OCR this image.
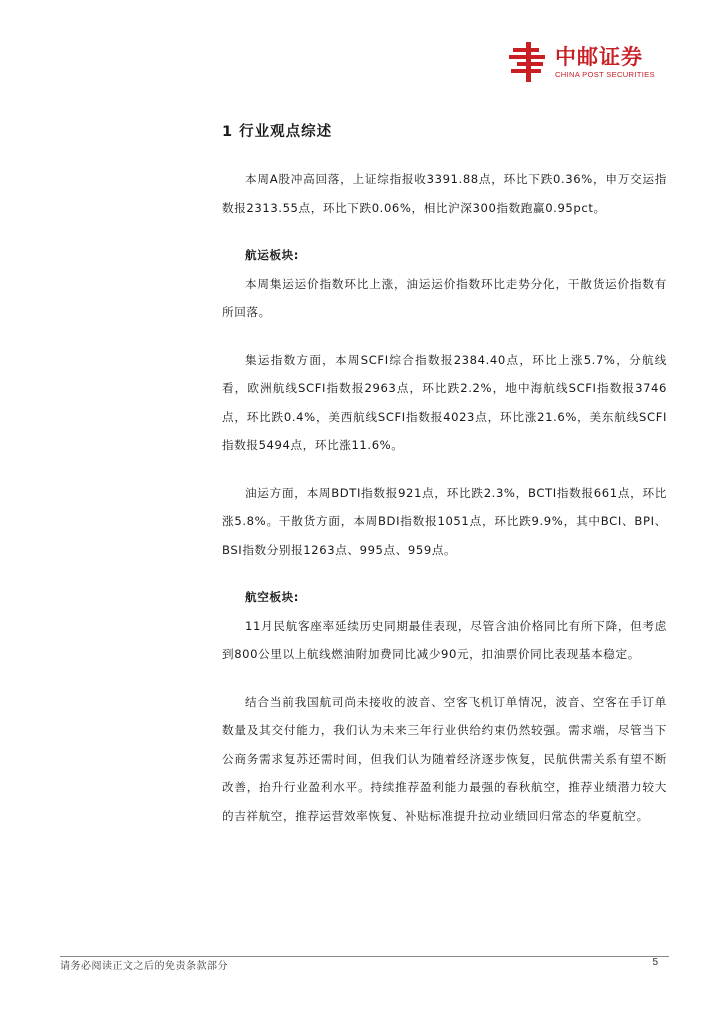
中邮证券
CHINA POST SECURITIES
1 行业观点综述

本周A股冲高回落，上证综指报收3391.88点，环比下跌0.36%，申万交运指数报2313.55点，环比下跌0.06%，相比沪深300指数跑赢0.95pct。

航运板块:

本周集运运价指数环比上涨，油运运价指数环比走势分化，干散货运价指数有所回落。

集运指数方面，本周SCFI综合指数报2384.40点，环比上涨5.7%，分航线看，欧洲航线SCFI指数报2963点，环比跌2.2%，地中海航线SCFI指数报3746点，环比跌0.4%，美西航线SCFI指数报4023点，环比涨21.6%，美东航线SCFI指数报5494点，环比涨11.6%。

油运方面，本周BDTI指数报921点，环比跌2.3%，BCTI指数报661点，环比涨5.8%。干散货方面，本周BDI指数报1051点，环比跌9.9%，其中BCI、BPI、BSI指数分别报1263点、995点、959点。

航空板块:

11月民航客座率延续历史同期最佳表现，尽管含油价格同比有所下降，但考虑到800公里以上航线燃油附加费同比减少90元，扣油票价同比表现基本稳定。

结合当前我国航司尚未接收的波音、空客飞机订单情况，波音、空客在手订单数量及其交付能力，我们认为未来三年行业供给约束仍然较强。需求端，尽管当下公商务需求复苏还需时间，但我们认为随着经济逐步恢复，民航供需关系有望不断改善，抬升行业盈利水平。持续推荐盈利能力最强的春秋航空，推荐业绩潜力较大的吉祥航空，推荐运营效率恢复、补贴标准提升拉动业绩回归常态的华夏航空。

请务必阅读正文之后的免责条款部分	5
